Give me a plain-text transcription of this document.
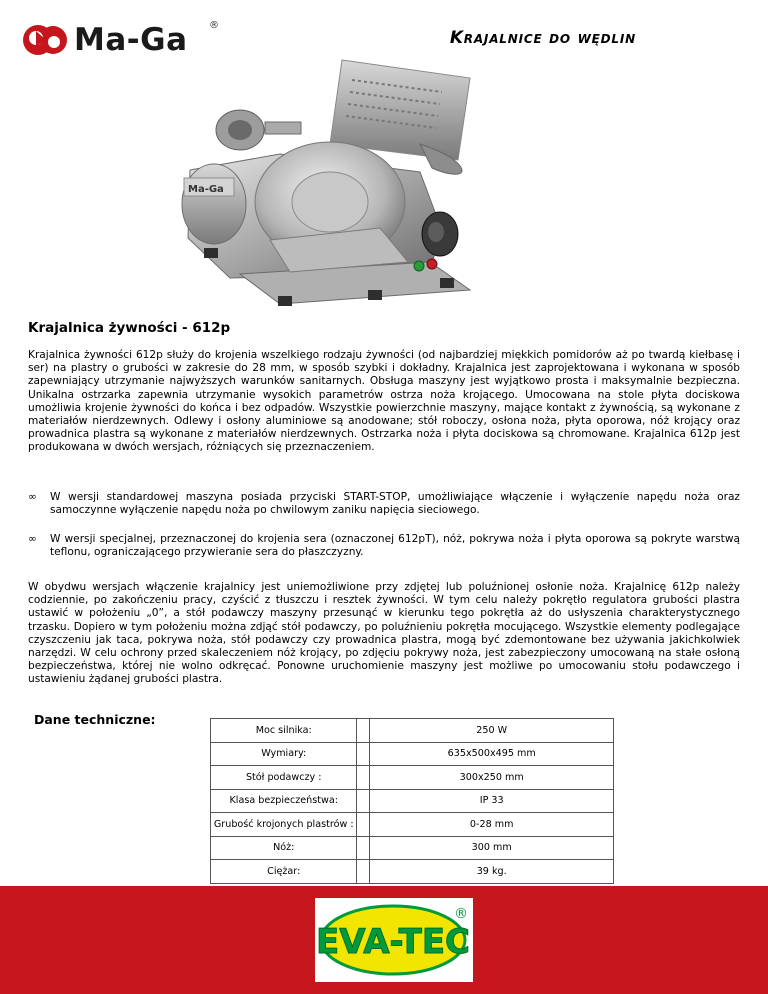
Ma-Ga ®
Krajalnice do wędlin
Ma-Ga
Krajalnica żywności - 612p
Krajalnica żywności 612p służy do krojenia wszelkiego rodzaju żywności (od najbardziej miękkich pomidorów aż po twardą kiełbasę i ser) na plastry o grubości w zakresie do 28 mm, w sposób szybki i dokładny. Krajalnica jest zaprojektowana i wykonana w sposób zapewniający utrzymanie najwyższych warunków sanitarnych. Obsługa maszyny jest wyjątkowo prosta i maksymalnie bezpieczna. Unikalna ostrzarka zapewnia utrzymanie wysokich parametrów ostrza noża krojącego. Umocowana na stole płyta dociskowa umożliwia krojenie żywności do końca i bez odpadów. Wszystkie powierzchnie maszyny, mające kontakt z żywnością, są wykonane z materiałów nierdzewnych. Odlewy i osłony aluminiowe są anodowane; stół roboczy, osłona noża, płyta oporowa, nóż krojący oraz prowadnica plastra są wykonane z materiałów nierdzewnych. Ostrzarka noża i płyta dociskowa są chromowane. Krajalnica 612p jest produkowana w dwóch wersjach, różniących się przeznaczeniem.
∞	W wersji standardowej maszyna posiada przyciski START-STOP, umożliwiające włączenie i wyłączenie napędu noża oraz samoczynne wyłączenie napędu noża po chwilowym zaniku napięcia sieciowego.
∞	W wersji specjalnej, przeznaczonej do krojenia sera (oznaczonej 612pT), nóż, pokrywa noża i płyta oporowa są pokryte warstwą teflonu, ograniczającego przywieranie sera do płaszczyzny.
W obydwu wersjach włączenie krajalnicy jest uniemożliwione przy zdjętej lub poluźnionej osłonie noża. Krajalnicę 612p należy codziennie, po zakończeniu pracy, czyścić z tłuszczu i resztek żywności. W tym celu należy pokrętło regulatora grubości plastra ustawić w położeniu „0”, a stół podawczy maszyny przesunąć w kierunku tego pokrętła aż do usłyszenia charakterystycznego trzasku. Dopiero w tym położeniu można zdjąć stół podawczy, po poluźnieniu pokrętła mocującego. Wszystkie elementy podlegające czyszczeniu jak taca, pokrywa noża, stół podawczy czy prowadnica plastra, mogą być zdemontowane bez używania jakichkolwiek narzędzi. W celu ochrony przed skaleczeniem nóż krojący, po zdjęciu pokrywy noża, jest zabezpieczony umocowaną na stałe osłoną bezpieczeństwa, której nie wolno odkręcać. Ponowne uruchomienie maszyny jest możliwe po umocowaniu stołu podawczego i ustawieniu żądanej grubości plastra.
Dane techniczne:
Moc silnika:		250 W
Wymiary:		635x500x495 mm
Stół podawczy :		300x250 mm
Klasa bezpieczeństwa:		IP 33
Grubość krojonych plastrów :		0-28 mm
Nóż:		300 mm
Ciężar:		39 kg.
EVA-TEC
®
